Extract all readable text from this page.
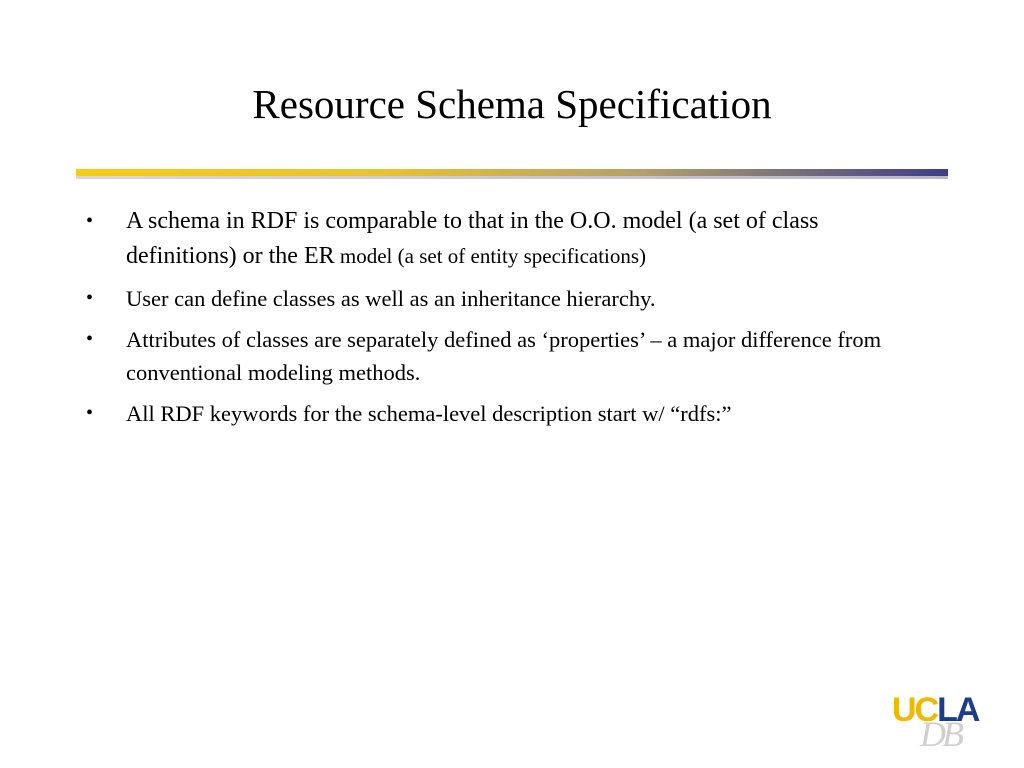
Resource Schema Specification
•	A schema in RDF is comparable to that in the O.O. model (a set of class definitions) or the ER model (a set of entity specifications)
•	User can define classes as well as an inheritance hierarchy.
•	Attributes of classes are separately defined as ‘properties’ – a major difference from conventional modeling methods.
•	All RDF keywords for the schema-level description start w/ “rdfs:”
DB
UCLA
